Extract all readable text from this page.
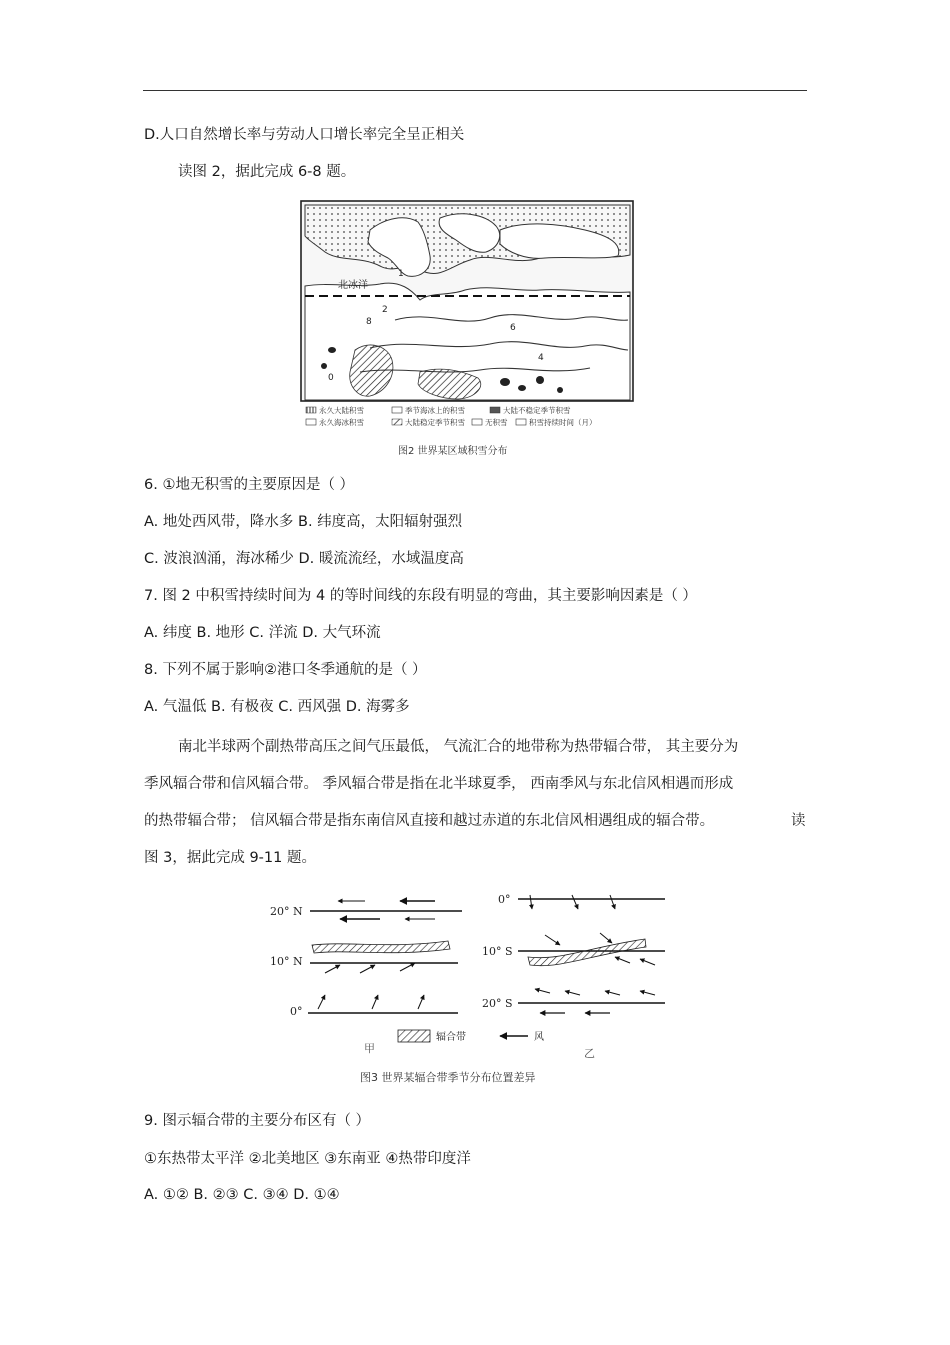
D.人口自然增长率与劳动人口增长率完全呈正相关
读图 2，据此完成 6-8 题。
北冰洋
1
2
6
8
4
0
永久大陆积雪	季节海冰上的积雪	大陆不稳定季节积雪
永久海冰积雪	大陆稳定季节积雪	无积雪	积雪持续时间（月）
图2 世界某区域积雪分布
6. ①地无积雪的主要原因是（ ）
A. 地处西风带，降水多 B. 纬度高，太阳辐射强烈
C. 波浪汹涌，海冰稀少 D. 暖流流经，水域温度高
7. 图 2 中积雪持续时间为 4 的等时间线的东段有明显的弯曲，其主要影响因素是（ ）
A. 纬度 B. 地形 C. 洋流 D. 大气环流
8. 下列不属于影响②港口冬季通航的是（ ）
A. 气温低 B. 有极夜 C. 西风强 D. 海雾多
南北半球两个副热带高压之间气压最低， 气流汇合的地带称为热带辐合带， 其主要分为
季风辐合带和信风辐合带。 季风辐合带是指在北半球夏季， 西南季风与东北信风相遇而形成
的热带辐合带； 信风辐合带是指东南信风直接和越过赤道的东北信风相遇组成的辐合带。	读
图 3，据此完成 9-11 题。
20° N
10° N
0°
0°
10° S
20° S
辐合带	风
甲	乙
图3 世界某辐合带季节分布位置差异
9. 图示辐合带的主要分布区有（ ）
①东热带太平洋 ②北美地区 ③东南亚 ④热带印度洋
A. ①② B. ②③ C. ③④ D. ①④
